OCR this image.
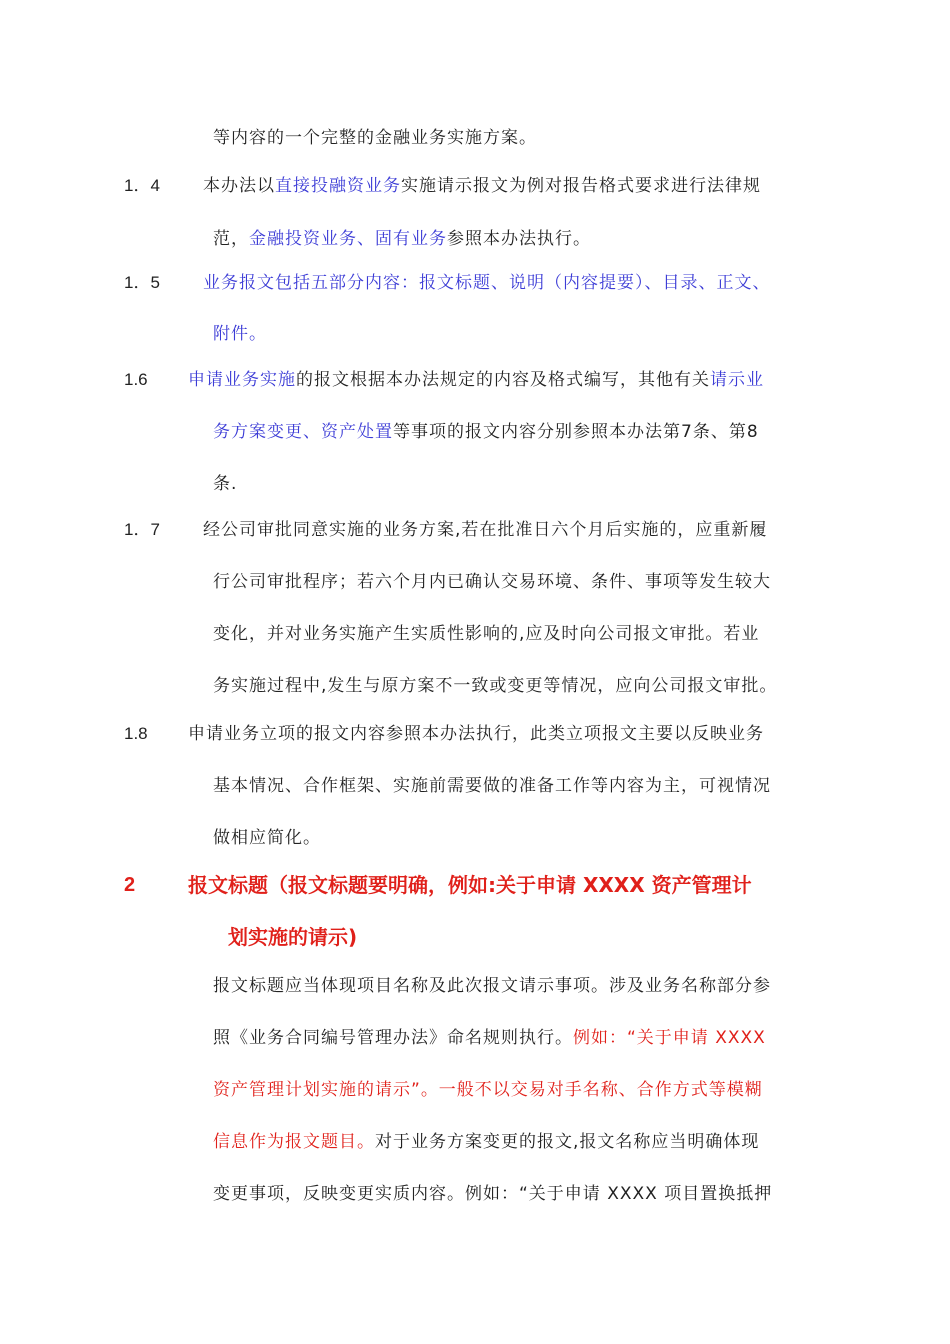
等内容的一个完整的金融业务实施方案。
1．4	本办法以直接投融资业务实施请示报文为例对报告格式要求进行法律规
范，金融投资业务、固有业务参照本办法执行。
1．5	业务报文包括五部分内容：报文标题、说明（内容提要）、目录、正文、
附件。
1.6 申请业务实施的报文根据本办法规定的内容及格式编写，其他有关请示业
务方案变更、资产处置等事项的报文内容分别参照本办法第7条、第8
条.
1．7	经公司审批同意实施的业务方案,若在批准日六个月后实施的，应重新履
行公司审批程序；若六个月内已确认交易环境、条件、事项等发生较大
变化，并对业务实施产生实质性影响的,应及时向公司报文审批。若业
务实施过程中,发生与原方案不一致或变更等情况，应向公司报文审批。
1.8 申请业务立项的报文内容参照本办法执行，此类立项报文主要以反映业务
基本情况、合作框架、实施前需要做的准备工作等内容为主，可视情况
做相应简化。
2	报文标题（报文标题要明确，例如:关于申请 XXXX 资产管理计
划实施的请示)
报文标题应当体现项目名称及此次报文请示事项。涉及业务名称部分参
照《业务合同编号管理办法》命名规则执行。例如：“关于申请 XXXX
资产管理计划实施的请示”。一般不以交易对手名称、合作方式等模糊
信息作为报文题目。对于业务方案变更的报文,报文名称应当明确体现
变更事项，反映变更实质内容。例如：“关于申请 XXXX 项目置换抵押
